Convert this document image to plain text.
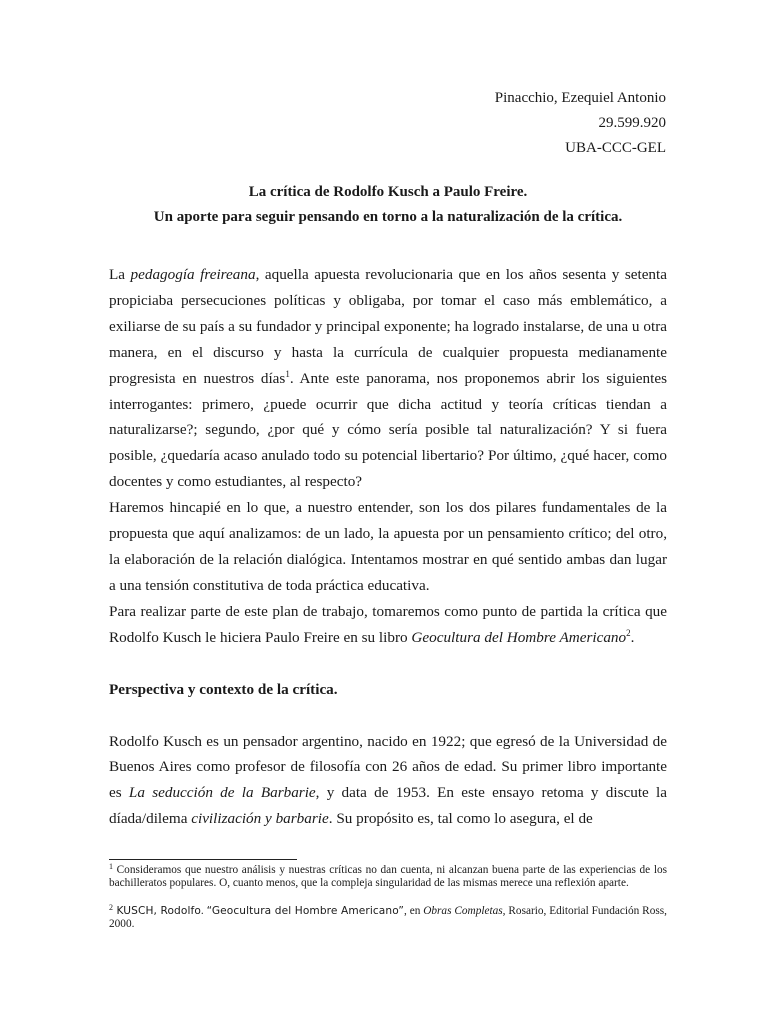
Pinacchio, Ezequiel Antonio
29.599.920
UBA-CCC-GEL
La crítica de Rodolfo Kusch a Paulo Freire.
Un aporte para seguir pensando en torno a la naturalización de la crítica.

La pedagogía freireana, aquella apuesta revolucionaria que en los años sesenta y setenta propiciaba persecuciones políticas y obligaba, por tomar el caso más emblemático, a exiliarse de su país a su fundador y principal exponente; ha logrado instalarse, de una u otra manera, en el discurso y hasta la currícula de cualquier propuesta medianamente progresista en nuestros días$^1$. Ante este panorama, nos proponemos abrir los siguientes interrogantes: primero, ¿puede ocurrir que dicha actitud y teoría críticas tiendan a naturalizarse?; segundo, ¿por qué y cómo sería posible tal naturalización? Y si fuera posible, ¿quedaría acaso anulado todo su potencial libertario? Por último, ¿qué hacer, como docentes y como estudiantes, al respecto?

Haremos hincapié en lo que, a nuestro entender, son los dos pilares fundamentales de la propuesta que aquí analizamos: de un lado, la apuesta por un pensamiento crítico; del otro, la elaboración de la relación dialógica. Intentamos mostrar en qué sentido ambas dan lugar a una tensión constitutiva de toda práctica educativa.

Para realizar parte de este plan de trabajo, tomaremos como punto de partida la crítica que Rodolfo Kusch le hiciera Paulo Freire en su libro Geocultura del Hombre Americano$^2$.

Perspectiva y contexto de la crítica.

Rodolfo Kusch es un pensador argentino, nacido en 1922; que egresó de la Universidad de Buenos Aires como profesor de filosofía con 26 años de edad. Su primer libro importante es La seducción de la Barbarie, y data de 1953. En este ensayo retoma y discute la díada/dilema civilización y barbarie. Su propósito es, tal como lo asegura, el de

$^1$ Consideramos que nuestro análisis y nuestras críticas no dan cuenta, ni alcanzan buena parte de las experiencias de los bachilleratos populares. O, cuanto menos, que la compleja singularidad de las mismas merece una reflexión aparte.
$^2$ KUSCH, Rodolfo. “Geocultura del Hombre Americano”, en Obras Completas, Rosario, Editorial Fundación Ross, 2000.
